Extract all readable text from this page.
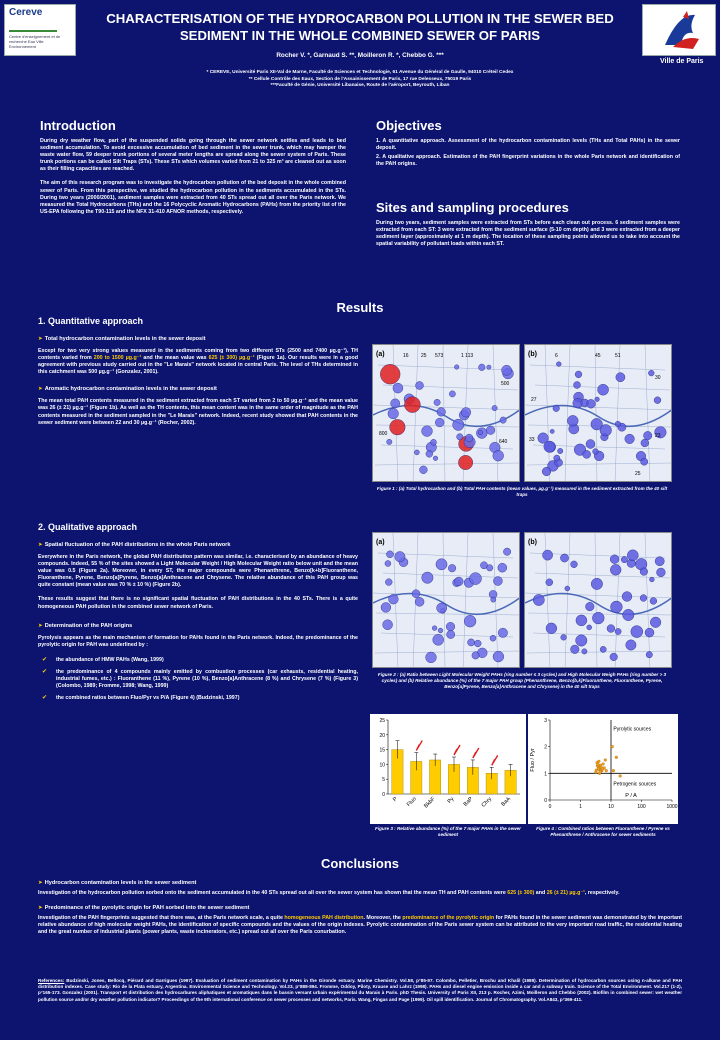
Cereve
Centre d'enseignement et de recherche Eau Ville Environnement
Ville de Paris
CHARACTERISATION OF THE HYDROCARBON POLLUTION IN THE SEWER BED
SEDIMENT IN THE WHOLE COMBINED SEWER OF PARIS
Rocher V. *, Garnaud S. **, Moilleron R. *, Chebbo G. ***
* CEREVE, Université Paris XII-Val de Marne, Faculté de Sciences et Technologie, 61 Avenue du Général de Gaulle, 94010 Créteil Cedex
** Cellule Contrôle des Eaux, Section de l'Assainissement de Paris, 17 rue Delesseux, 75019 Paris
***Faculté de Génie, Université Libanaise, Route de l'aéroport, Beyrouth, Liban
Introduction

During dry weather flow, part of the suspended solids going through the sewer network settles and leads to bed sediment accumulation. To avoid excessive accumulation of bed sediment in the sewer trunk, which may hamper the waste water flow, 59 deeper trunk portions of several meter lengths are spread along the sewer system of Paris. These trunk portions can be called Silt Traps (STs). These STs which volumes varied from 21 to 325 m³ are cleaned out as soon as their filling capacities are reached.

The aim of this research program was to investigate the hydrocarbon pollution of the bed deposit in the whole combined sewer of Paris. From this perspective, we studied the hydrocarbon pollution in the sediments accumulated in the STs. During two years (2000/2001), sediment samples were extracted from 40 STs spread out all over the Paris network. We measured the Total Hydrocarbons (THs) and the 16 Polycyclic Aromatic Hydrocarbons (PAHs) from the priority list of the US-EPA following the T90-115 and the NFX 31-410 AFNOR methods, respectively.

Objectives

1. A quantitative approach. Assessment of the hydrocarbon contamination levels (THs and Total PAHs) in the sewer deposit.

2. A qualitative approach. Estimation of the PAH fingerprint variations in the whole Paris network and identification of the PAH origins.

Sites and sampling procedures

During two years, sediment samples were extracted from STs before each clean out process. 6 sediment samples were extracted from each ST: 3 were extracted from the sediment surface (5-10 cm depth) and 3 were extracted from a deeper sediment layer (approximately at 1 m depth). The location of these sampling points allowed us to take into account the spatial variability of pollutant loads within each ST.

Results
1. Quantitative approach
➤ Total hydrocarbon contamination levels in the sewer deposit

Except for two very strong values measured in the sediments coming from two different STs (2500 and 7400 µg.g⁻¹), TH contents varied from 200 to 1500 µg.g⁻¹ and the mean value was 625 (± 300) µg.g⁻¹ (Figure 1a). Our results were in a good agreement with previous study carried out in the "Le Marais" network located in central Paris. The level of THs determined in this catchment was 500 µg.g⁻¹ (Gonzalez, 2001).

➤ Aromatic hydrocarbon contamination levels in the sewer deposit

The mean total PAH contents measured in the sediment extracted from each ST varied from 2 to 50 µg.g⁻¹ and the mean value was 26 (± 21) µg.g⁻¹ (Figure 1b). As well as the TH contents, this mean content was in the same order of magnitude as the PAH contents measured in the sediment sampled in the "Le Marais" network. Indeed, recent study showed that PAH contents in the sewer sediment were between 22 and 30 µg.g⁻¹ (Rocher, 2002).

(a)	16 25 573	1 113
500
800
640
(b)	6	45	51
30
27
33
23
25
Figure 1 : (a) Total hydrocarbon and (b) Total PAH contents (mean values, µg.g⁻¹) measured in the sediment extracted from the 40 silt traps
2. Qualitative approach
➤ Spatial fluctuation of the PAH distributions in the whole Paris network

Everywhere in the Paris network, the global PAH distribution pattern was similar, i.e. characterised by an abundance of heavy compounds. Indeed, 55 % of the sites showed a Light Molecular Weight / High Molecular Weight ratio below unit and the mean value was 0.5 (Figure 2a). Moreover, in every ST, the major compounds were Phenanthrene, Benzo[k+b]Fluoranthene, Fluoranthene, Pyrene, Benzo[a]Pyrene, Benzo[a]Anthracene and Chrysene. The relative abundance of this PAH group was quite constant (mean value was 70 % ± 10 %) (Figure 2b).

These results suggest that there is no significant spatial fluctuation of PAH distributions in the 40 STs. There is a quite homogeneous PAH pollution in the combined sewer network of Paris.

➤ Determination of the PAH origins

Pyrolysis appears as the main mechanism of formation for PAHs found in the Paris network. Indeed, the predominance of the pyrolytic origin for PAH was underlined by :

✔ the abundance of HMW PAHs (Wang, 1999)
✔ the predominance of 4 compounds mainly emitted by combustion processes (car exhausts, residential heating, industrial fumes, etc.) : Fluoranthene (11 %), Pyrene (10 %), Benzo[a]Anthracene (8 %) and Chrysene (7 %) (Figure 3) (Colombo, 1989; Fromme, 1998; Wang, 1999)
✔ the combined ratios between Fluo/Pyr vs P/A (Figure 4) (Budzinski, 1997)
(a)	(b)
Figure 2 : (a) Ratio between Light Molecular Weight PAHs (ring number ≤ 3 cycles) and High Molecular Weigh PAHs (ring number > 3 cycles) and (b) Relative abundance (%) of the 7 major PAH group (Phenanthrene, Benzo[b,k]Fluoranthene, Fluoranthene, Pyrene, Benzo[a]Pyrene, Benzo[a]Anthracene and Chrysene) in the 40 silt traps
0
5
10
15
20
25
P Fluo BkbF Py BaP Chry BaA
Figure 3 : Relative abundance (%) of the 7 major PAHs in the sewer sediment
0	1	10	100	1000
0
1
2
3
P / A
Fluo / Pyr
Pyrolytic sources
Petrogenic sources
Figure 4 : Combined ratios between Fluoranthene / Pyrene vs Phenanthrene / Anthracene for sewer sediments
Conclusions
➤ Hydrocarbon contamination levels in the sewer sediment

Investigation of the hydrocarbon pollution sorbed onto the sediment accumulated in the 40 STs spread out all over the sewer system has shown that the mean TH and PAH contents were 625 (± 300) and 26 (± 21) µg.g⁻¹, respectively.

➤ Predominance of the pyrolytic origin for PAH sorbed into the sewer sediment

Investigation of the PAH fingerprints suggested that there was, at the Paris network scale, a quite homogeneous PAH distribution. Moreover, the predominance of the pyrolytic origin for PAHs found in the sewer sediment was demonstrated by the important relative abundance of high molecular weight PAHs, the identification of specific compounds and the values of the origin indexes. Pyrolytic contamination of the Paris sewer system can be attributed to the very important road traffic, the residential heating and the great number of industrial plants (power plants, waste incinerators, etc.) spread out all over the Paris conurbation.

References: Budzinski, Jones, Bellocq, Piérard and Garrigues (1997). Evaluation of sediment contamination by PAHs in the Gironde estuary. Marine Chemistry. Vol.58, p°85-97. Colombo, Pelletier, Brochu and Khalil (1989). Determination of hydrocarbon sources using n-alkane and PAH distribution indexes. Case study: Rio de la Plata estuary, Argentina. Environmental Science and Technology. Vol.23, p°888-894. Fromme, Oddoy, Piloty, Krause and Lahrz (1998). PAHs and diesel engine emission inside a car and a subway train. Science of the Total Environment. Vol.217 (1-2), p°165-173. Gonzalez (2001). Transport et distribution des hydrocarbures aliphatiques et aromatiques dans le bassin versant urbain expérimental du Marais à Paris. phD Thesis. University of Paris XII, 213 p. Rocher, Azimi, Moilleron and Chebbo (2002). Biofilm in combined sewer: wet weather pollution source and/or dry weather pollution indicator? Proceedings of the 9th international conference on sewer processes and networks, Paris. Wang, Fingas and Page (1999). Oil spill identification. Journal of Chromatography. Vol.A843, p°369-411.
